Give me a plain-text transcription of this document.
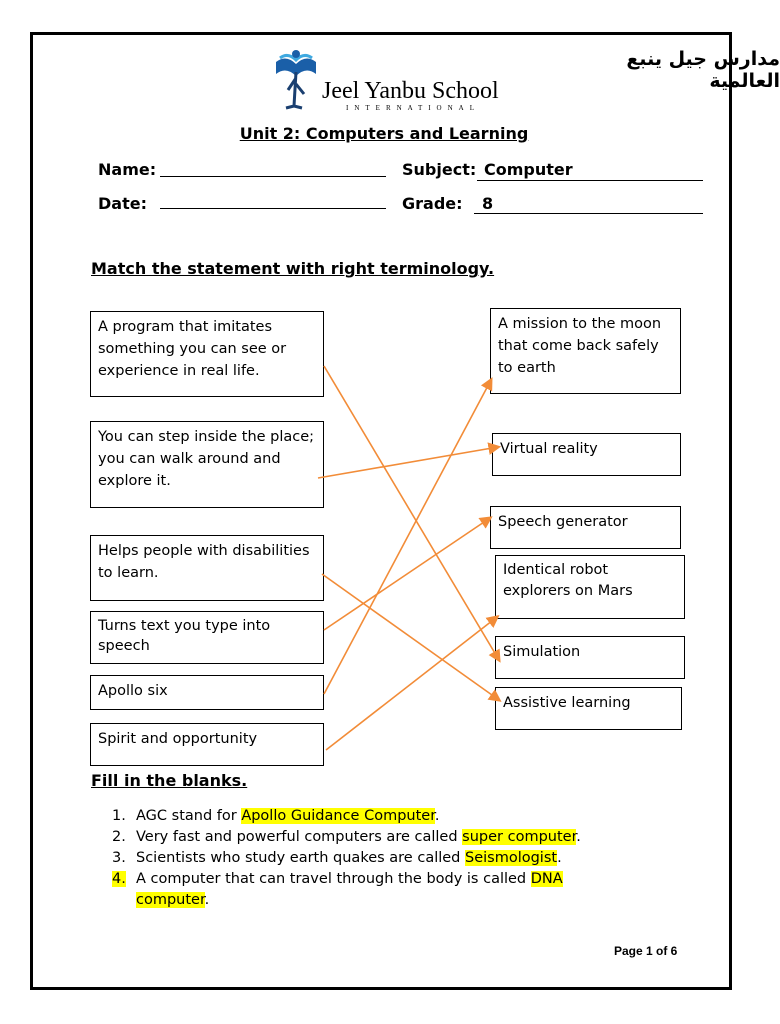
مدارس جيل ينبع العالمية
Jeel Yanbu School
INTERNATIONAL
Unit 2: Computers and Learning
Name:	Subject: Computer
Date:	Grade: 8
Match the statement with right terminology.
A program that imitates something you can see or experience in real life.
You can step inside the place; you can walk around and explore it.
Helps people with disabilities to learn.
Turns text you type into speech
Apollo six
Spirit and opportunity
A mission to the moon that come back safely to earth
Virtual reality
Speech generator
Identical robot explorers on Mars
Simulation
Assistive learning
Fill in the blanks.
1. AGC stand for Apollo Guidance Computer.
2. Very fast and powerful computers are called super computer.
3. Scientists who study earth quakes are called Seismologist.
4. A computer that can travel through the body is called DNA computer.
Page 1 of 6
